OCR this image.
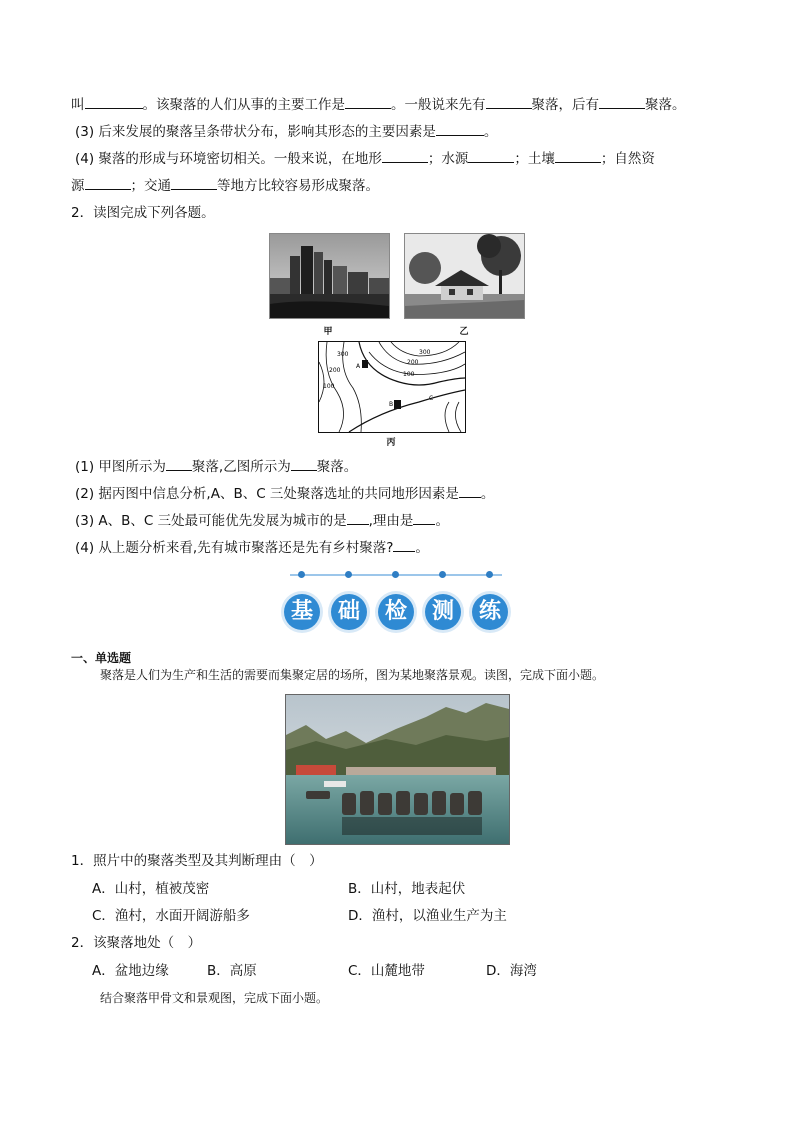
叫	。该聚落的人们从事的主要工作是	。一般说来先有	聚落，后有	聚落。
(3) 后来发展的聚落呈条带状分布，影响其形态的主要因素是	。
(4) 聚落的形成与环境密切相关。一般来说，在地形	；水源	；土壤	；自然资
源	；交通	等地方比较容易形成聚落。
2．读图完成下列各题。
甲	乙
300
200
100
100
200
300
A
B
C
丙
(1) 甲图所示为 聚落,乙图所示为 聚落。
(2) 据丙图中信息分析,A、B、C 三处聚落选址的共同地形因素是 。
(3) A、B、C 三处最可能优先发展为城市的是 ,理由是 。
(4) 从上题分析来看,先有城市聚落还是先有乡村聚落? 。
基	础	检	测	练
一、单选题
聚落是人们为生产和生活的需要而集聚定居的场所，图为某地聚落景观。读图，完成下面小题。
1．照片中的聚落类型及其判断理由（　）
A．山村，植被茂密	B．山村，地表起伏
C．渔村，水面开阔游船多	D．渔村，以渔业生产为主
2．该聚落地处（　）
A．盆地边缘	B．高原	C．山麓地带	D．海湾
结合聚落甲骨文和景观图，完成下面小题。
